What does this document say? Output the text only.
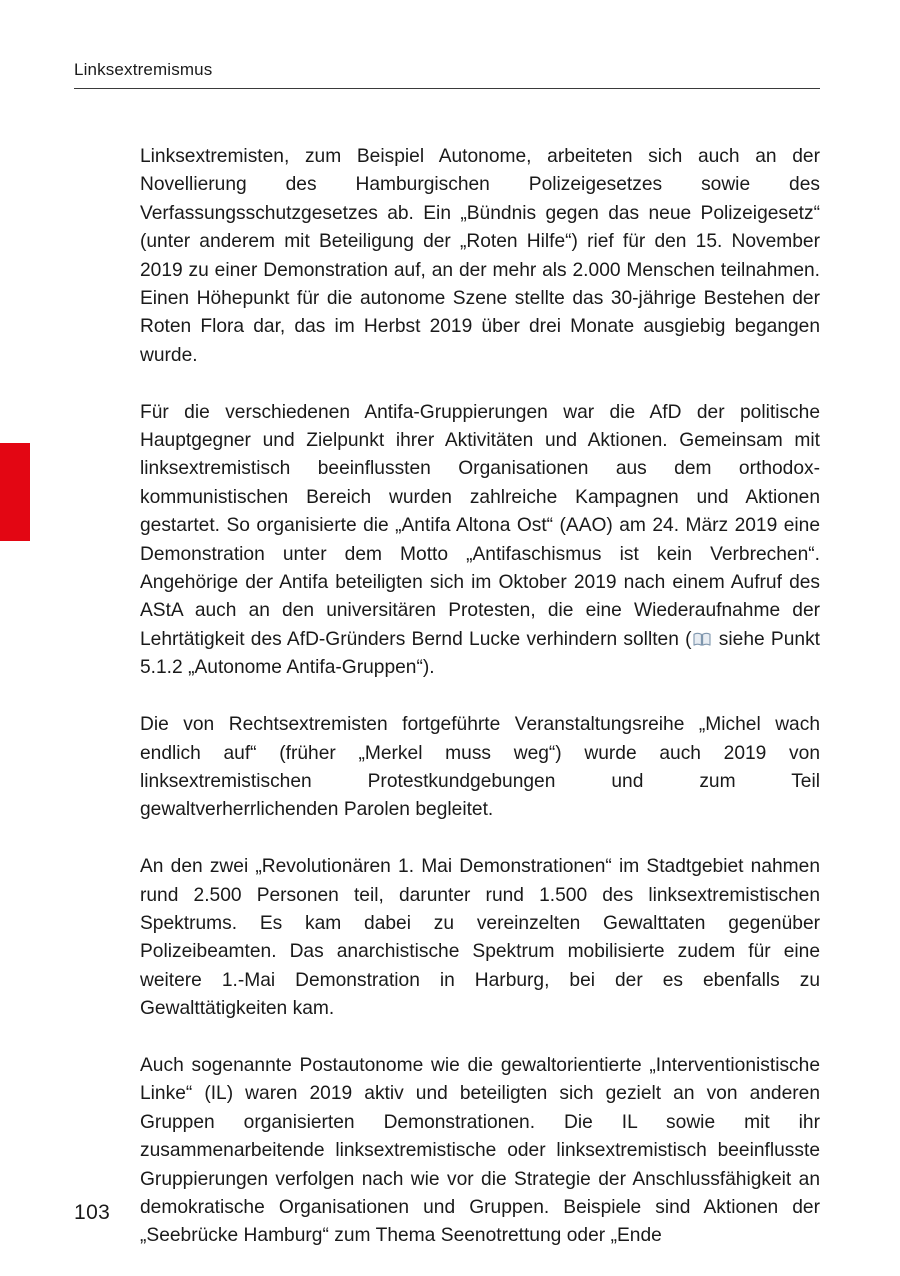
Linksextremismus

Linksextremisten, zum Beispiel Autonome, arbeiteten sich auch an der Novellierung des Hamburgischen Polizeigesetzes sowie des Verfassungsschutzgesetzes ab. Ein „Bündnis gegen das neue Polizeigesetz“ (unter anderem mit Beteiligung der „Roten Hilfe“) rief für den 15. November 2019 zu einer Demonstration auf, an der mehr als 2.000 Menschen teilnahmen. Einen Höhepunkt für die autonome Szene stellte das 30-jährige Bestehen der Roten Flora dar, das im Herbst 2019 über drei Monate ausgiebig begangen wurde.

Für die verschiedenen Antifa-Gruppierungen war die AfD der politische Hauptgegner und Zielpunkt ihrer Aktivitäten und Aktionen. Gemeinsam mit linksextremistisch beeinflussten Organisationen aus dem orthodox-kommunistischen Bereich wurden zahlreiche Kampagnen und Aktionen gestartet. So organisierte die „Antifa Altona Ost“ (AAO) am 24. März 2019 eine Demonstration unter dem Motto „Antifaschismus ist kein Verbrechen“. Angehörige der Antifa beteiligten sich im Oktober 2019 nach einem Aufruf des AStA auch an den universitären Protesten, die eine Wiederaufnahme der Lehrtätigkeit des AfD-Gründers Bernd Lucke verhindern sollten (
siehe Punkt 5.1.2 „Autonome Antifa-Gruppen“).

Die von Rechtsextremisten fortgeführte Veranstaltungsreihe „Michel wach endlich auf“ (früher „Merkel muss weg“) wurde auch 2019 von linksextremistischen Protestkundgebungen und zum Teil gewaltverherrlichenden Parolen begleitet.

An den zwei „Revolutionären 1. Mai Demonstrationen“ im Stadtgebiet nahmen rund 2.500 Personen teil, darunter rund 1.500 des linksextremistischen Spektrums. Es kam dabei zu vereinzelten Gewalttaten gegenüber Polizeibeamten. Das anarchistische Spektrum mobilisierte zudem für eine weitere 1.-Mai Demonstration in Harburg, bei der es ebenfalls zu Gewalttätigkeiten kam.

Auch sogenannte Postautonome wie die gewaltorientierte „Interventionistische Linke“ (IL) waren 2019 aktiv und beteiligten sich gezielt an von anderen Gruppen organisierten Demonstrationen. Die IL sowie mit ihr zusammenarbeitende linksextremistische oder linksextremistisch beeinflusste Gruppierungen verfolgen nach wie vor die Strategie der Anschlussfähigkeit an demokratische Organisationen und Gruppen. Beispiele sind Aktionen der „Seebrücke Hamburg“ zum Thema Seenotrettung oder „Ende

103
